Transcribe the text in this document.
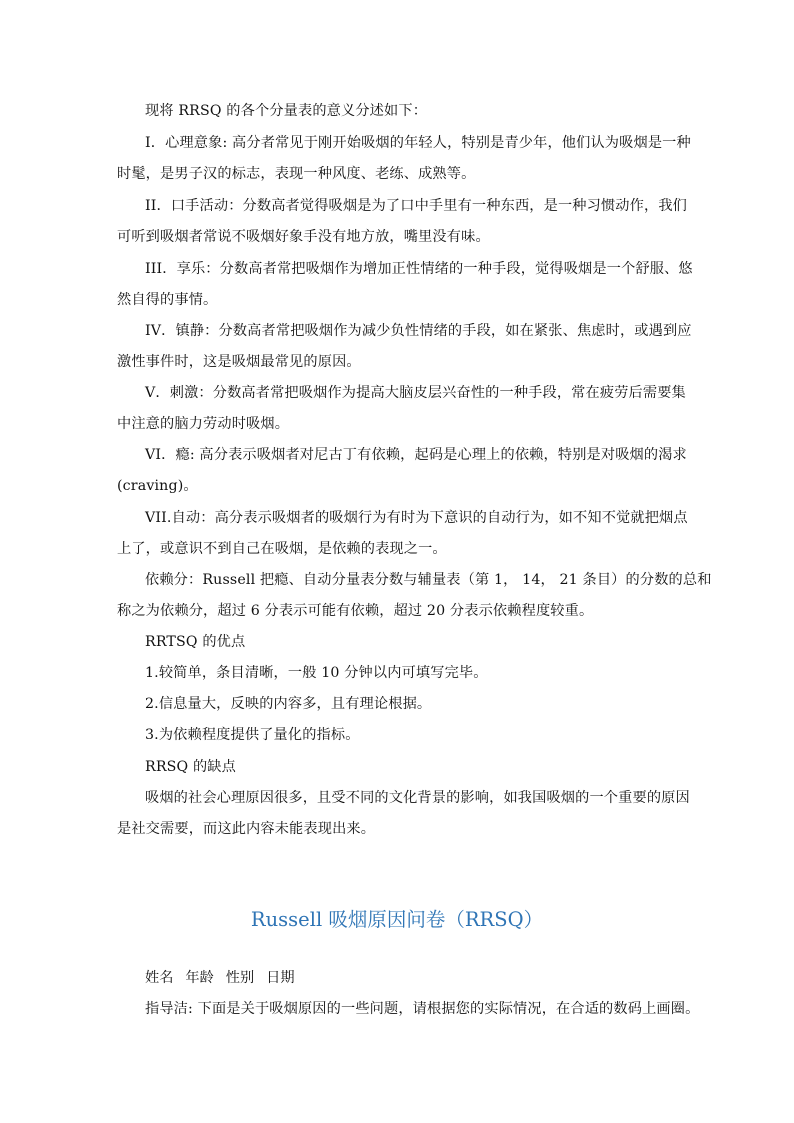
现将 RRSQ 的各个分量表的意义分述如下：
I．心理意象: 高分者常见于刚开始吸烟的年轻人，特别是青少年，他们认为吸烟是一种
时髦，是男子汉的标志，表现一种风度、老练、成熟等。
II．口手活动：分数高者觉得吸烟是为了口中手里有一种东西，是一种习惯动作，我们
可听到吸烟者常说不吸烟好象手没有地方放，嘴里没有味。
III．享乐：分数高者常把吸烟作为增加正性情绪的一种手段，觉得吸烟是一个舒服、悠
然自得的事情。
IV．镇静：分数高者常把吸烟作为减少负性情绪的手段，如在紧张、焦虑时，或遇到应
激性事件时，这是吸烟最常见的原因。
V．刺激：分数高者常把吸烟作为提高大脑皮层兴奋性的一种手段，常在疲劳后需要集
中注意的脑力劳动时吸烟。
VI．瘾: 高分表示吸烟者对尼古丁有依赖，起码是心理上的依赖，特别是对吸烟的渴求
(craving)。
VII.自动：高分表示吸烟者的吸烟行为有时为下意识的自动行为，如不知不觉就把烟点
上了，或意识不到自己在吸烟，是依赖的表现之一。
依赖分：Russell 把瘾、自动分量表分数与辅量表（第 1， 14， 21 条目）的分数的总和
称之为依赖分，超过 6 分表示可能有依赖，超过 20 分表示依赖程度较重。
RRTSQ 的优点
1.较简单，条目清晰，一般 10 分钟以内可填写完毕。
2.信息量大，反映的内容多，且有理论根据。
3.为依赖程度提供了量化的指标。
RRSQ 的缺点
吸烟的社会心理原因很多，且受不同的文化背景的影响，如我国吸烟的一个重要的原因
是社交需要，而这此内容未能表现出来。
Russell 吸烟原因问卷（RRSQ）
姓名 年龄 性别 日期
指导洁: 下面是关于吸烟原因的一些问题，请根据您的实际情况，在合适的数码上画圈。
